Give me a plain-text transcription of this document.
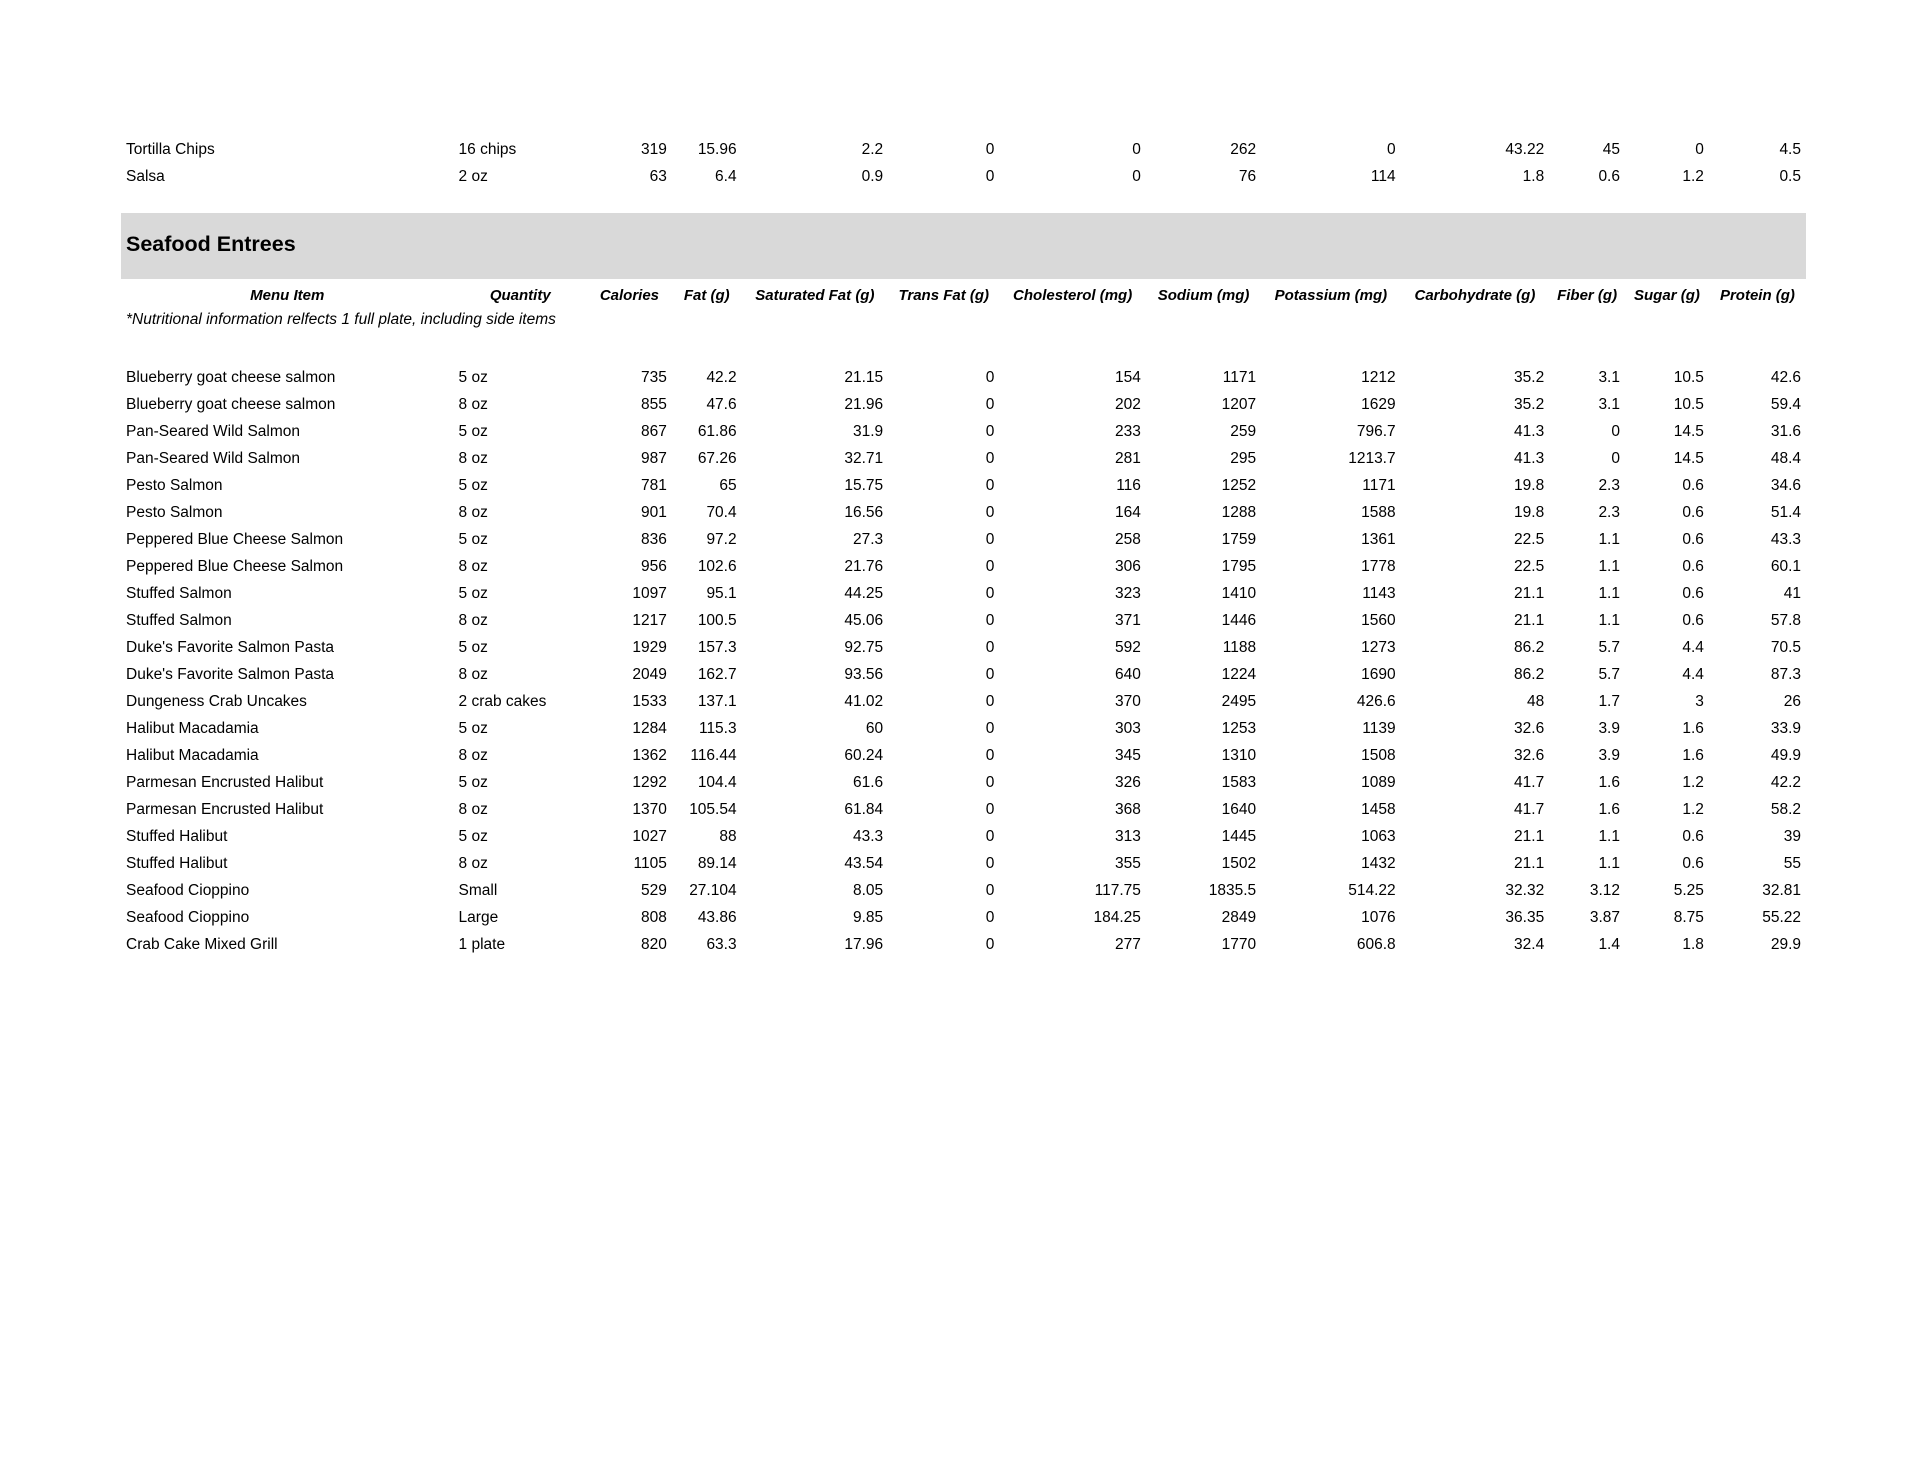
Tortilla Chips	16 chips	319	15.96	2.2	0	0	262	0	43.22	45	0	4.5
Salsa	2 oz	63	6.4	0.9	0	0	76	114	1.8	0.6	1.2	0.5
Seafood Entrees
Menu Item	Quantity	Calories	Fat (g)	Saturated Fat (g)	Trans Fat (g)	Cholesterol (mg)	Sodium (mg)	Potassium (mg)	Carbohydrate (g)	Fiber (g)	Sugar (g)	Protein (g)
*Nutritional information relfects 1 full plate, including side items
Blueberry goat cheese salmon	5 oz	735	42.2	21.15	0	154	1171	1212	35.2	3.1	10.5	42.6
Blueberry goat cheese salmon	8 oz	855	47.6	21.96	0	202	1207	1629	35.2	3.1	10.5	59.4
Pan-Seared Wild Salmon	5 oz	867	61.86	31.9	0	233	259	796.7	41.3	0	14.5	31.6
Pan-Seared Wild Salmon	8 oz	987	67.26	32.71	0	281	295	1213.7	41.3	0	14.5	48.4
Pesto Salmon	5 oz	781	65	15.75	0	116	1252	1171	19.8	2.3	0.6	34.6
Pesto Salmon	8 oz	901	70.4	16.56	0	164	1288	1588	19.8	2.3	0.6	51.4
Peppered Blue Cheese Salmon	5 oz	836	97.2	27.3	0	258	1759	1361	22.5	1.1	0.6	43.3
Peppered Blue Cheese Salmon	8 oz	956	102.6	21.76	0	306	1795	1778	22.5	1.1	0.6	60.1
Stuffed Salmon	5 oz	1097	95.1	44.25	0	323	1410	1143	21.1	1.1	0.6	41
Stuffed Salmon	8 oz	1217	100.5	45.06	0	371	1446	1560	21.1	1.1	0.6	57.8
Duke's Favorite Salmon Pasta	5 oz	1929	157.3	92.75	0	592	1188	1273	86.2	5.7	4.4	70.5
Duke's Favorite Salmon Pasta	8 oz	2049	162.7	93.56	0	640	1224	1690	86.2	5.7	4.4	87.3
Dungeness Crab Uncakes	2 crab cakes	1533	137.1	41.02	0	370	2495	426.6	48	1.7	3	26
Halibut Macadamia	5 oz	1284	115.3	60	0	303	1253	1139	32.6	3.9	1.6	33.9
Halibut Macadamia	8 oz	1362	116.44	60.24	0	345	1310	1508	32.6	3.9	1.6	49.9
Parmesan Encrusted Halibut	5 oz	1292	104.4	61.6	0	326	1583	1089	41.7	1.6	1.2	42.2
Parmesan Encrusted Halibut	8 oz	1370	105.54	61.84	0	368	1640	1458	41.7	1.6	1.2	58.2
Stuffed Halibut	5 oz	1027	88	43.3	0	313	1445	1063	21.1	1.1	0.6	39
Stuffed Halibut	8 oz	1105	89.14	43.54	0	355	1502	1432	21.1	1.1	0.6	55
Seafood Cioppino	Small	529	27.104	8.05	0	117.75	1835.5	514.22	32.32	3.12	5.25	32.81
Seafood Cioppino	Large	808	43.86	9.85	0	184.25	2849	1076	36.35	3.87	8.75	55.22
Crab Cake Mixed Grill	1 plate	820	63.3	17.96	0	277	1770	606.8	32.4	1.4	1.8	29.9
